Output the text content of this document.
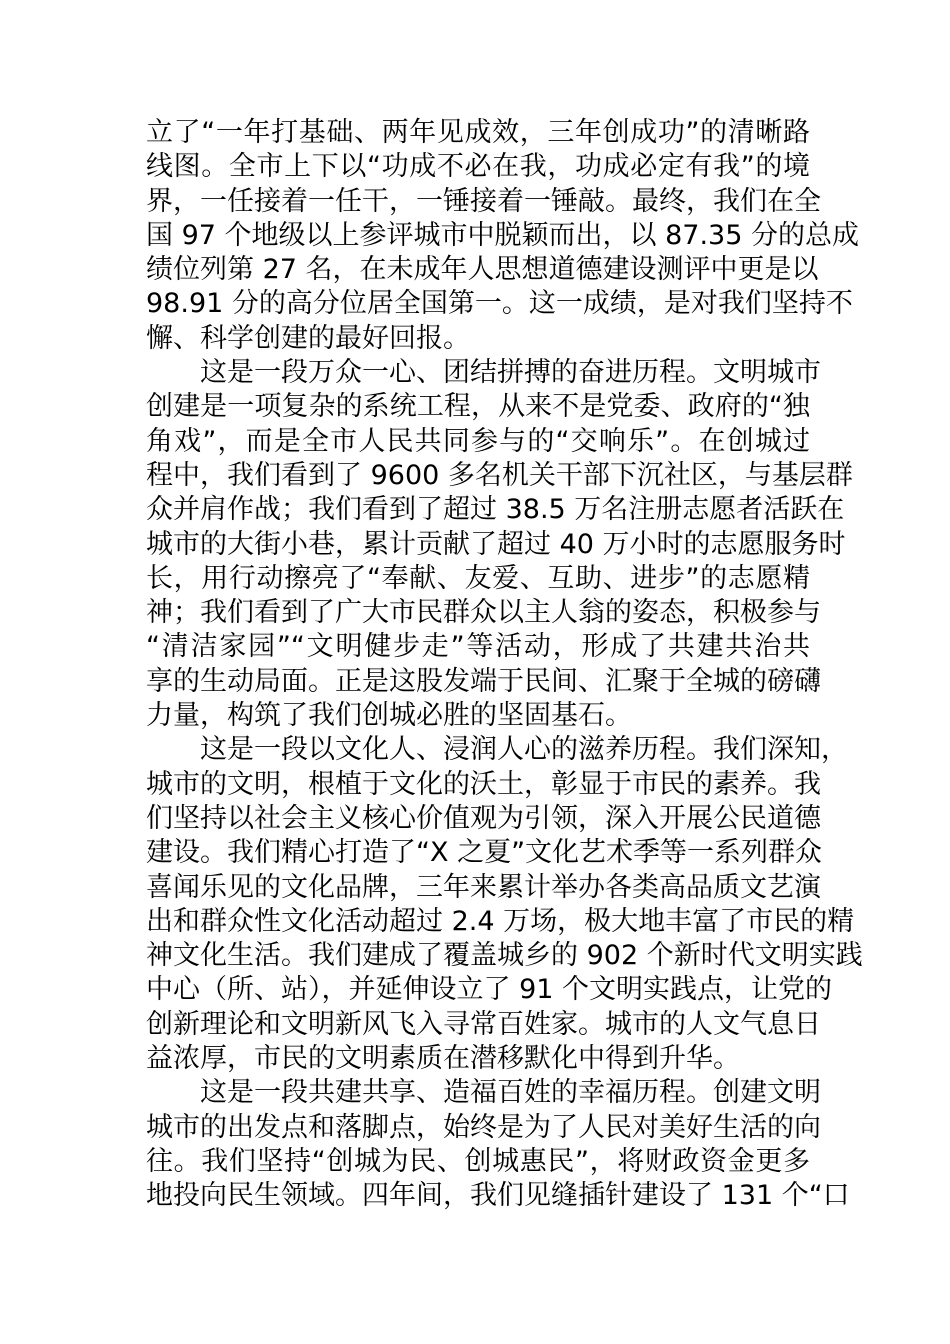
立了“一年打基础、两年见成效，三年创成功”的清晰路
线图。全市上下以“功成不必在我，功成必定有我”的境
界，一任接着一任干，一锤接着一锤敲。最终，我们在全
国 97 个地级以上参评城市中脱颖而出，以 87.35 分的总成
绩位列第 27 名，在未成年人思想道德建设测评中更是以
98.91 分的高分位居全国第一。这一成绩，是对我们坚持不
懈、科学创建的最好回报。
这是一段万众一心、团结拼搏的奋进历程。文明城市
创建是一项复杂的系统工程，从来不是党委、政府的“独
角戏”，而是全市人民共同参与的“交响乐”。在创城过
程中，我们看到了 9600 多名机关干部下沉社区，与基层群
众并肩作战；我们看到了超过 38.5 万名注册志愿者活跃在
城市的大街小巷，累计贡献了超过 40 万小时的志愿服务时
长，用行动擦亮了“奉献、友爱、互助、进步”的志愿精
神；我们看到了广大市民群众以主人翁的姿态，积极参与
“清洁家园”“文明健步走”等活动，形成了共建共治共
享的生动局面。正是这股发端于民间、汇聚于全城的磅礴
力量，构筑了我们创城必胜的坚固基石。
这是一段以文化人、浸润人心的滋养历程。我们深知，
城市的文明，根植于文化的沃土，彰显于市民的素养。我
们坚持以社会主义核心价值观为引领，深入开展公民道德
建设。我们精心打造了“X 之夏”文化艺术季等一系列群众
喜闻乐见的文化品牌，三年来累计举办各类高品质文艺演
出和群众性文化活动超过 2.4 万场，极大地丰富了市民的精
神文化生活。我们建成了覆盖城乡的 902 个新时代文明实践
中心（所、站），并延伸设立了 91 个文明实践点，让党的
创新理论和文明新风飞入寻常百姓家。城市的人文气息日
益浓厚，市民的文明素质在潜移默化中得到升华。
这是一段共建共享、造福百姓的幸福历程。创建文明
城市的出发点和落脚点，始终是为了人民对美好生活的向
往。我们坚持“创城为民、创城惠民”，将财政资金更多
地投向民生领域。四年间，我们见缝插针建设了 131 个“口
